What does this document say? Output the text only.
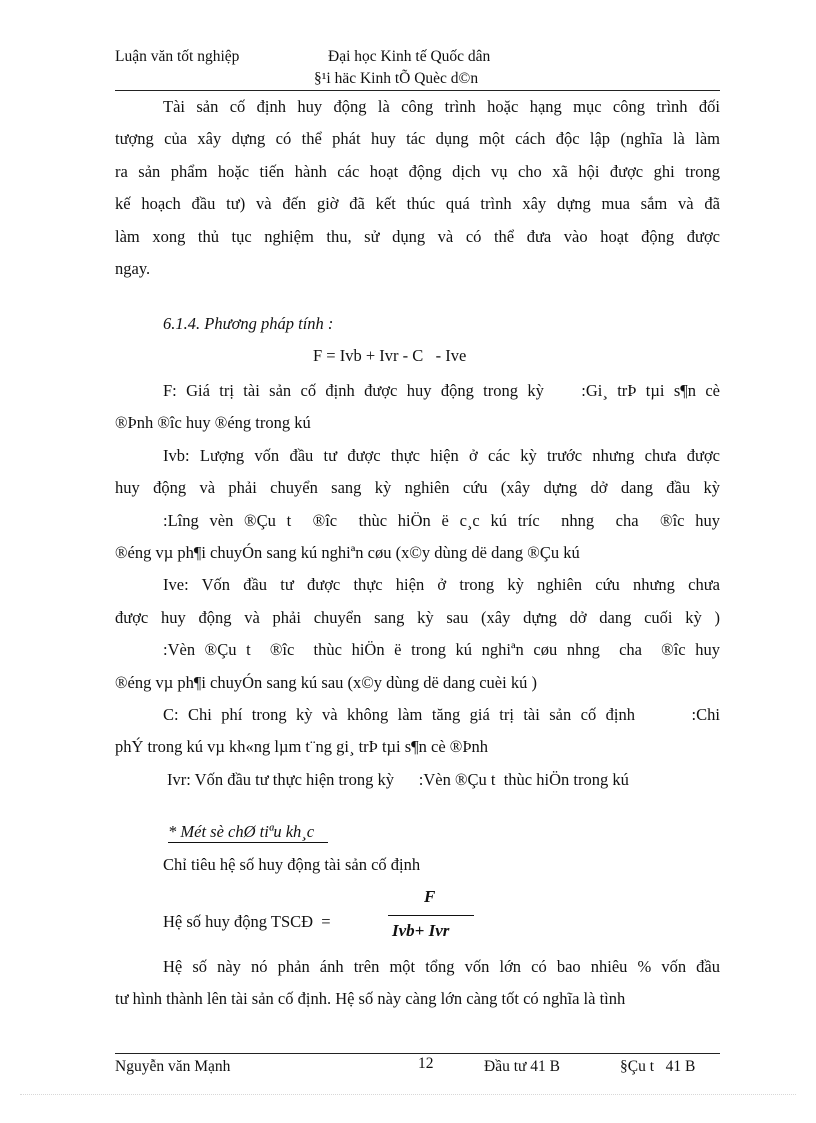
Luận văn tốt nghiệp	Đại học Kinh tế Quốc dân
§¹i häc Kinh tÕ Quèc d©n

Tài sản cố định huy động là công trình hoặc hạng mục công trình đối

tượng của xây dựng có thể phát huy tác dụng một cách độc lập (nghĩa là làm

ra sản phẩm hoặc tiến hành các hoạt động dịch vụ cho xã hội được ghi trong

kế hoạch đầu tư) và đến giờ đã kết thúc quá trình xây dựng mua sắm và đã

làm xong thủ tục nghiệm thu, sử dụng và có thể đưa vào hoạt động được

ngay.

6.1.4. Phương pháp tính :
F = Ivb + Ivr - C   - Ive

F: Giá trị tài sản cố định được huy động trong kỳ    :Gi¸ trÞ tµi s¶n cè

®Þnh ®îc huy ®éng trong kú

Ivb: Lượng vốn đầu tư được thực hiện ở các kỳ trước nhưng chưa được

huy động và phải chuyển sang kỳ nghiên cứu (xây dựng dở dang đầu kỳ

:Lîng vèn ®Çu t  ®îc  thùc hiÖn ë c¸c kú tríc  nhng  cha  ®îc huy

®éng vµ ph¶i chuyÓn sang kú nghiªn cøu (x©y dùng dë dang ®Çu kú

Ive: Vốn đầu tư được thực hiện ở trong kỳ nghiên cứu nhưng chưa

được huy động và phải chuyển sang kỳ sau (xây dựng dở dang cuối kỳ )

:Vèn ®Çu t  ®îc  thùc hiÖn ë trong kú nghiªn cøu nhng  cha  ®îc huy

®éng vµ ph¶i chuyÓn sang kú sau (x©y dùng dë dang cuèi kú )

C: Chi phí trong kỳ và không làm tăng giá trị tài sản cố định      :Chi

phÝ trong kú vµ kh«ng lµm t¨ng gi¸ trÞ tµi s¶n cè ®Þnh

Ivr: Vốn đầu tư thực hiện trong kỳ      :Vèn ®Çu t  thùc hiÖn trong kú

* Mét sè chØ tiªu kh¸c
Chỉ tiêu hệ số huy động tài sản cố định
Hệ số huy động TSCĐ  =
F
Ivb+ Ivr

Hệ số này nó phản ánh trên một tổng vốn lớn có bao nhiêu % vốn đầu

tư hình thành lên tài sản cố định. Hệ số này càng lớn càng tốt có nghĩa là tình

Nguyễn văn Mạnh	12	Đầu tư 41 B	§Çu t   41 B
